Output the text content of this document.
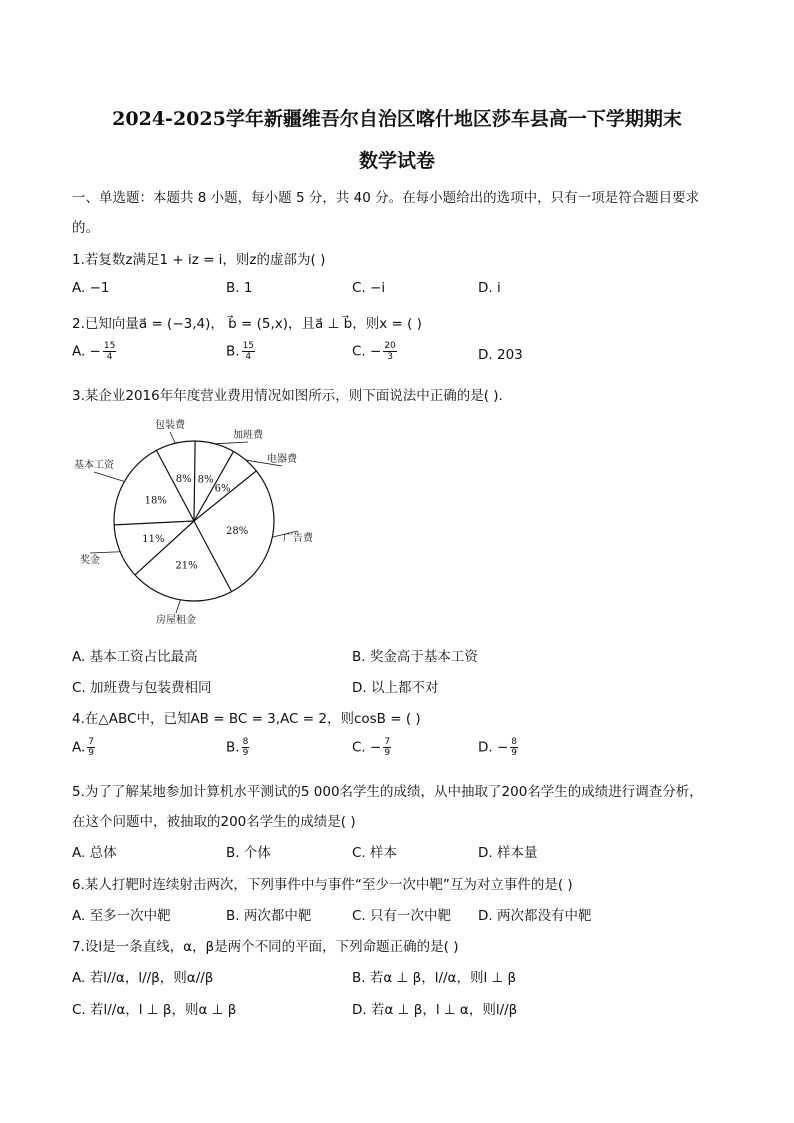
2024-2025学年新疆维吾尔自治区喀什地区莎车县高一下学期期末
数学试卷
一、单选题：本题共 8 小题，每小题 5 分，共 40 分。在每小题给出的选项中，只有一项是符合题目要求
的。
1.若复数z满足1 + iz = i，则z的虚部为( )
A. −1	B. 1	C. −i	D. i
2.已知向量a⃗ = (−3,4)， b⃗ = (5,x)，且a⃗ ⊥ b⃗，则x = ( )
A. − $\frac{15}{4}$	B. $\frac{15}{4}$	C. − $\frac{20}{3}$	D. 203
3.某企业2016年年度营业费用情况如图所示，则下面说法中正确的是( ).
8%
包装费
8%
加班费
6%
电器费
28%
广告费
21%
房屋租金
11%
奖金
18%
基本工资
A. 基本工资占比最高	B. 奖金高于基本工资
C. 加班费与包装费相同	D. 以上都不对
4.在△ABC中，已知AB = BC = 3,AC = 2，则cosB = ( )
A. $\frac{7}{9}$	B. $\frac{8}{9}$	C. − $\frac{7}{9}$	D. − $\frac{8}{9}$
5.为了了解某地参加计算机水平测试的5 000名学生的成绩，从中抽取了200名学生的成绩进行调查分析，
在这个问题中，被抽取的200名学生的成绩是( )
A. 总体	B. 个体	C. 样本	D. 样本量
6.某人打靶时连续射击两次，下列事件中与事件“至少一次中靶”互为对立事件的是( )
A. 至多一次中靶	B. 两次都中靶	C. 只有一次中靶 D. 两次都没有中靶
7.设l是一条直线，α，β是两个不同的平面，下列命题正确的是( )
A. 若l//α，l//β，则α//β	B. 若α ⊥ β，l//α，则l ⊥ β
C. 若l//α，l ⊥ β，则α ⊥ β	D. 若α ⊥ β，l ⊥ α，则l//β
